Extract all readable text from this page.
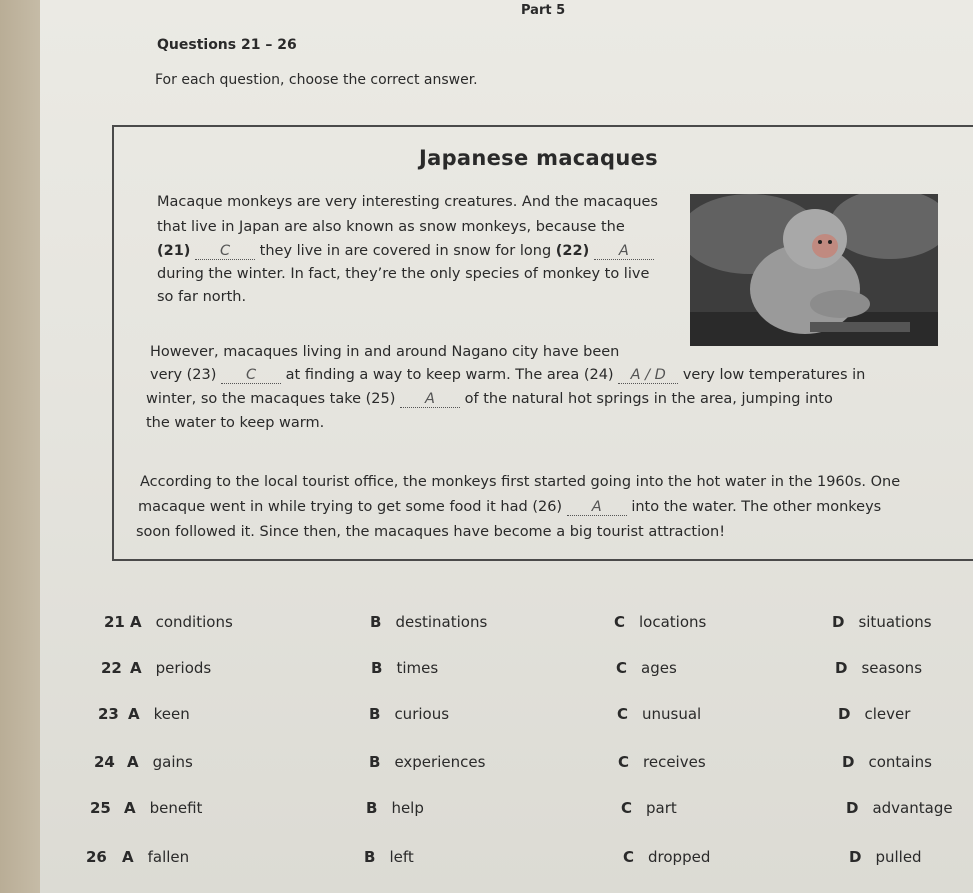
Part 5
Questions 21 – 26
For each question, choose the correct answer.
Japanese macaques
Macaque monkeys are very interesting creatures. And the macaques
that live in Japan are also known as snow monkeys, because the
(21) C they live in are covered in snow for long (22) A
during the winter. In fact, they’re the only species of monkey to live
so far north.
However, macaques living in and around Nagano city have been
very (23) C at finding a way to keep warm. The area (24) A / D very low temperatures in
winter, so the macaques take (25) A of the natural hot springs in the area, jumping into
the water to keep warm.
According to the local tourist office, the monkeys first started going into the hot water in the 1960s. One
macaque went in while trying to get some food it had (26) A into the water. The other monkeys
soon followed it. Since then, the macaques have become a big tourist attraction!
21 A conditions	B destinations	C locations	D situations
22 A periods	B times	C ages	D seasons
23 A keen	B curious	C unusual	D clever
24 A gains	B experiences	C receives	D contains
25 A benefit	B help	C part	D advantage
26 A fallen	B left	C dropped	D pulled
